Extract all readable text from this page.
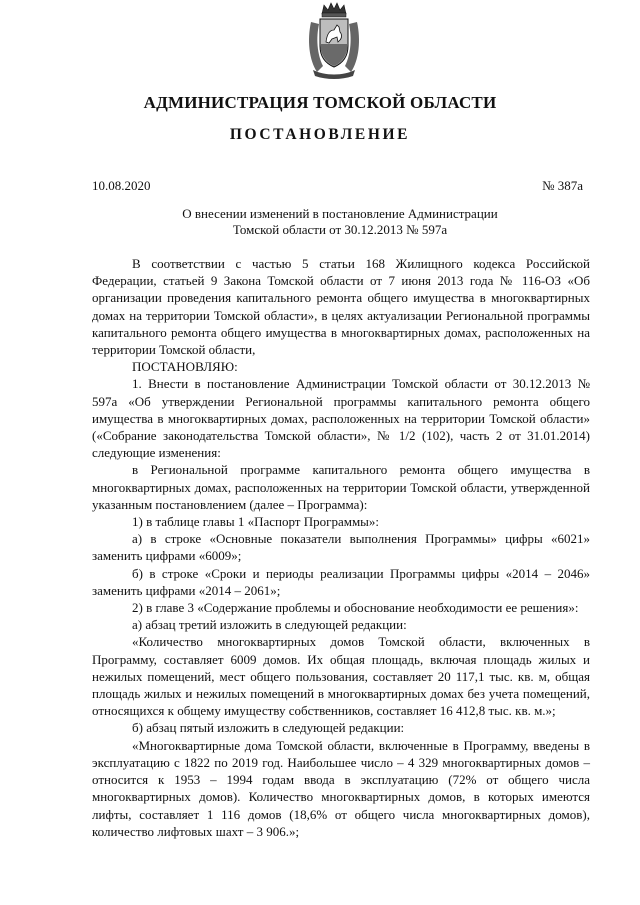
АДМИНИСТРАЦИЯ ТОМСКОЙ ОБЛАСТИ
ПОСТАНОВЛЕНИЕ
10.08.2020	№ 387а
О внесении изменений в постановление Администрации
Томской области от 30.12.2013 № 597а

В соответствии с частью 5 статьи 168 Жилищного кодекса Российской Федерации, статьей 9 Закона Томской области от 7 июня 2013 года № 116-ОЗ «Об организации проведения капитального ремонта общего имущества в многоквартирных домах на территории Томской области», в целях актуализации Региональной программы капитального ремонта общего имущества в многоквартирных домах, расположенных на территории Томской области,

ПОСТАНОВЛЯЮ:

1. Внести в постановление Администрации Томской области от 30.12.2013 № 597а «Об утверждении Региональной программы капитального ремонта общего имущества в многоквартирных домах, расположенных на территории Томской области» («Собрание законодательства Томской области», № 1/2 (102), часть 2 от 31.01.2014) следующие изменения:

в Региональной программе капитального ремонта общего имущества в многоквартирных домах, расположенных на территории Томской области, утвержденной указанным постановлением (далее – Программа):

1) в таблице главы 1 «Паспорт Программы»:

а) в строке «Основные показатели выполнения Программы» цифры «6021» заменить цифрами «6009»;

б) в строке «Сроки и периоды реализации Программы цифры «2014 – 2046» заменить цифрами «2014 – 2061»;

2) в главе 3 «Содержание проблемы и обоснование необходимости ее решения»:

а) абзац третий изложить в следующей редакции:

«Количество многоквартирных домов Томской области, включенных в Программу, составляет 6009 домов. Их общая площадь, включая площадь жилых и нежилых помещений, мест общего пользования, составляет 20 117,1 тыс. кв. м, общая площадь жилых и нежилых помещений в многоквартирных домах без учета помещений, относящихся к общему имуществу собственников, составляет 16 412,8 тыс. кв. м.»;

б) абзац пятый изложить в следующей редакции:

«Многоквартирные дома Томской области, включенные в Программу, введены в эксплуатацию с 1822 по 2019 год. Наибольшее число – 4 329 многоквартирных домов – относится к 1953 – 1994 годам ввода в эксплуатацию (72% от общего числа многоквартирных домов). Количество многоквартирных домов, в которых имеются лифты, составляет 1 116 домов (18,6% от общего числа многоквартирных домов), количество лифтовых шахт – 3 906.»;
